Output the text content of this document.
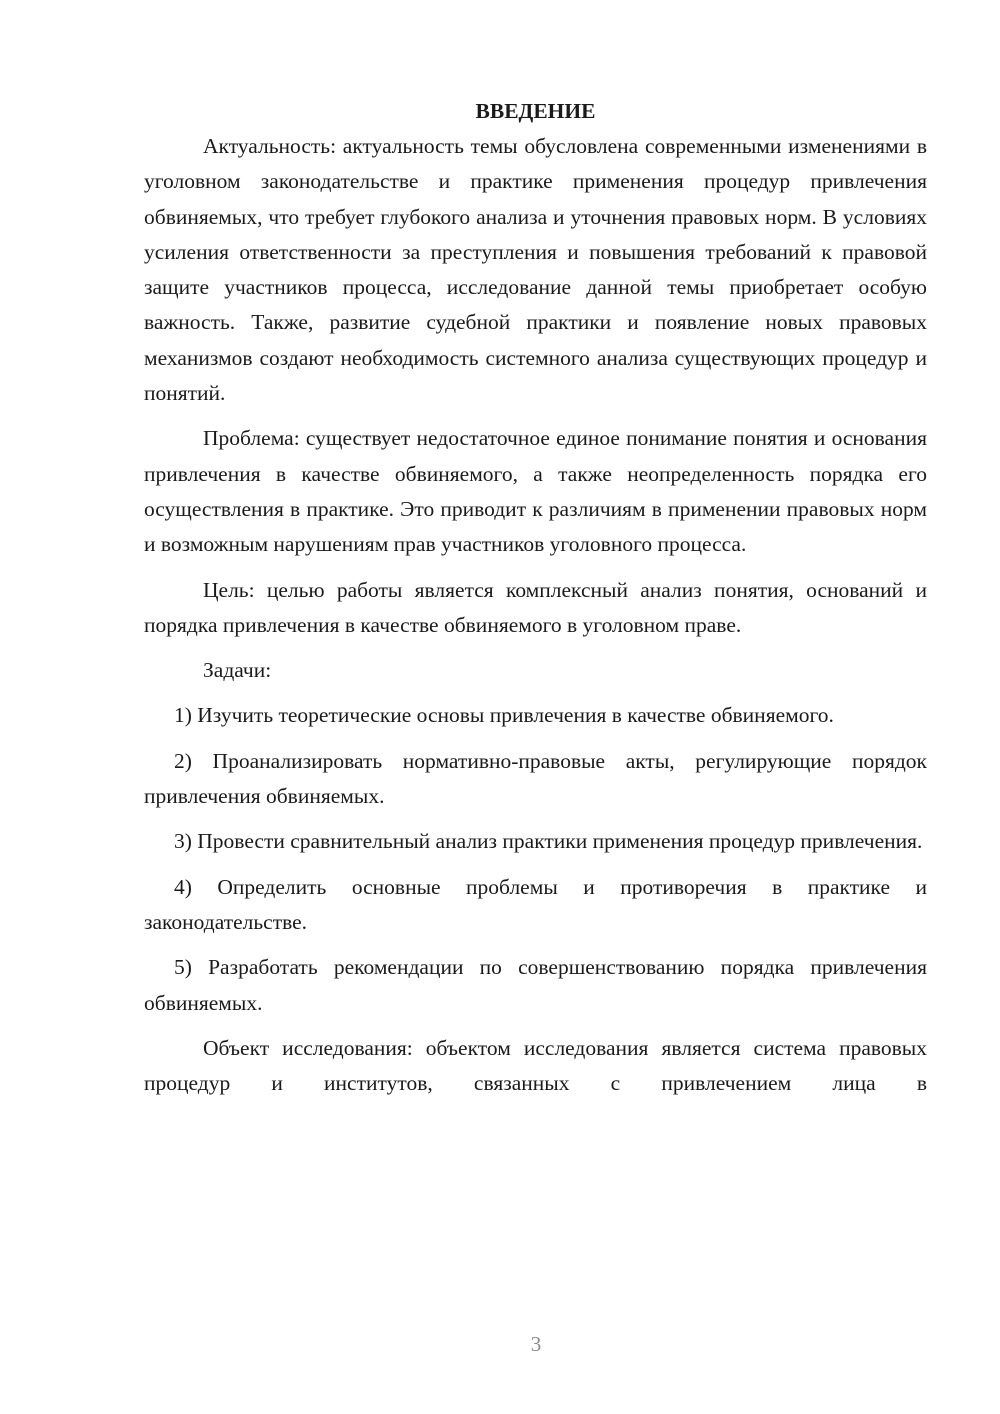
ВВЕДЕНИЕ

Актуальность: актуальность темы обусловлена современными изменениями в уголовном законодательстве и практике применения процедур привлечения обвиняемых, что требует глубокого анализа и уточнения правовых норм. В условиях усиления ответственности за преступления и повышения требований к правовой защите участников процесса, исследование данной темы приобретает особую важность. Также, развитие судебной практики и появление новых правовых механизмов создают необходимость системного анализа существующих процедур и понятий.

Проблема: существует недостаточное единое понимание понятия и основания привлечения в качестве обвиняемого, а также неопределенность порядка его осуществления в практике. Это приводит к различиям в применении правовых норм и возможным нарушениям прав участников уголовного процесса.

Цель: целью работы является комплексный анализ понятия, оснований и порядка привлечения в качестве обвиняемого в уголовном праве.

Задачи:

1) Изучить теоретические основы привлечения в качестве обвиняемого.

2) Проанализировать нормативно-правовые акты, регулирующие порядок привлечения обвиняемых.

3) Провести сравнительный анализ практики применения процедур привлечения.

4) Определить основные проблемы и противоречия в практике и законодательстве.

5) Разработать рекомендации по совершенствованию порядка привлечения обвиняемых.

Объект исследования: объектом исследования является система правовых процедур и институтов, связанных с привлечением лица в

3
